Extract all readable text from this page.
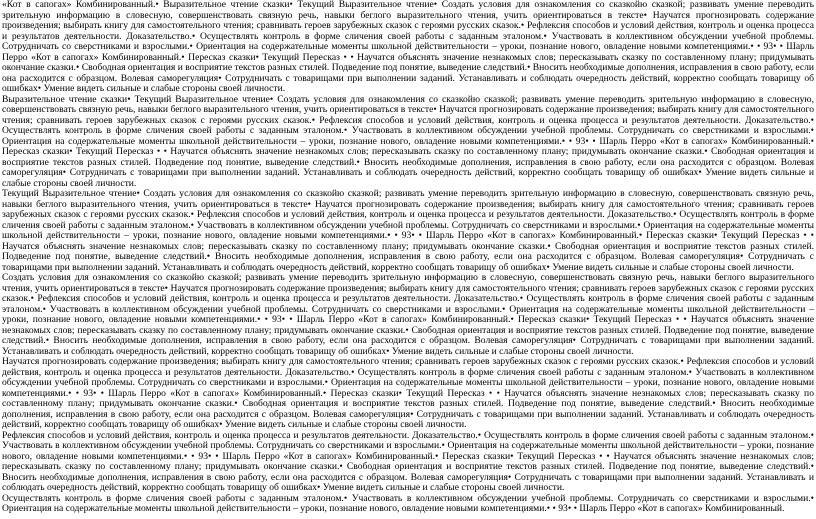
«Кот в сапогах» Комбинированный.• Выразительное чтение сказки• Текущий Выразительное чтение• Создать условия для ознакомления со сказкойю сказкой; развивать умение переводить зрительную информацию в словесную, совершенствовать связную речь, навыки беглого выразительного чтения, учить ориентироваться в тексте• Научатся прогнозировать содержание произведения; выбирать книгу для самостоятельного чтения; сравнивать героев зарубежных сказок с героями русских сказок.• Рефлексия способов и условий действия, контроль и оценка процесса и результатов деятельности. Доказательство.• Осуществлять контроль в форме сличения своей работы с заданным эталоном.• Участвовать в коллективном обсуждении учебной проблемы. Сотрудничать со сверстниками и взрослыми.• Ориентация на содержательные моменты школьной действительности – уроки, познание нового, овладение новыми компетенциями.• • 93• • Шарль Перро «Кот в сапогах» Комбинированный.• Пересказ сказки• Текущий Пересказ • • Научатся объяснять значение незнакомых слов; пересказывать сказку по составленному плану; придумывать окончание сказки.• Свободная ориентация и восприятие текстов разных стилей. Подведение под понятие, выведение следствий.• Вносить необходимые дополнения, исправления в свою работу, если она расходится с образцом. Волевая саморегуляция• Сотрудничать с товарищами при выполнении заданий. Устанавливать и соблюдать очередность действий, корректно сообщать товарищу об ошибках• Умение видеть сильные и слабые стороны своей личности.

Выразительное чтение сказки• Текущий Выразительное чтение• Создать условия для ознакомления со сказкойю сказкой; развивать умение переводить зрительную информацию в словесную, совершенствовать связную речь, навыки беглого выразительного чтения, учить ориентироваться в тексте• Научатся прогнозировать содержание произведения; выбирать книгу для самостоятельного чтения; сравнивать героев зарубежных сказок с героями русских сказок.• Рефлексия способов и условий действия, контроль и оценка процесса и результатов деятельности. Доказательство.• Осуществлять контроль в форме сличения своей работы с заданным эталоном.• Участвовать в коллективном обсуждении учебной проблемы. Сотрудничать со сверстниками и взрослыми.• Ориентация на содержательные моменты школьной действительности – уроки, познание нового, овладение новыми компетенциями.• • 93• • Шарль Перро «Кот в сапогах» Комбинированный.• Пересказ сказки• Текущий Пересказ • • Научатся объяснять значение незнакомых слов; пересказывать сказку по составленному плану; придумывать окончание сказки.• Свободная ориентация и восприятие текстов разных стилей. Подведение под понятие, выведение следствий.• Вносить необходимые дополнения, исправления в свою работу, если она расходится с образцом. Волевая саморегуляция• Сотрудничать с товарищами при выполнении заданий. Устанавливать и соблюдать очередность действий, корректно сообщать товарищу об ошибках• Умение видеть сильные и слабые стороны своей личности.

Текущий Выразительное чтение• Создать условия для ознакомления со сказкойю сказкой; развивать умение переводить зрительную информацию в словесную, совершенствовать связную речь, навыки беглого выразительного чтения, учить ориентироваться в тексте• Научатся прогнозировать содержание произведения; выбирать книгу для самостоятельного чтения; сравнивать героев зарубежных сказок с героями русских сказок.• Рефлексия способов и условий действия, контроль и оценка процесса и результатов деятельности. Доказательство.• Осуществлять контроль в форме сличения своей работы с заданным эталоном.• Участвовать в коллективном обсуждении учебной проблемы. Сотрудничать со сверстниками и взрослыми.• Ориентация на содержательные моменты школьной действительности – уроки, познание нового, овладение новыми компетенциями.• • 93• • Шарль Перро «Кот в сапогах» Комбинированный.• Пересказ сказки• Текущий Пересказ • • Научатся объяснять значение незнакомых слов; пересказывать сказку по составленному плану; придумывать окончание сказки.• Свободная ориентация и восприятие текстов разных стилей. Подведение под понятие, выведение следствий.• Вносить необходимые дополнения, исправления в свою работу, если она расходится с образцом. Волевая саморегуляция• Сотрудничать с товарищами при выполнении заданий. Устанавливать и соблюдать очередность действий, корректно сообщать товарищу об ошибках• Умение видеть сильные и слабые стороны своей личности.

Создать условия для ознакомления со сказкойю сказкой; развивать умение переводить зрительную информацию в словесную, совершенствовать связную речь, навыки беглого выразительного чтения, учить ориентироваться в тексте• Научатся прогнозировать содержание произведения; выбирать книгу для самостоятельного чтения; сравнивать героев зарубежных сказок с героями русских сказок.• Рефлексия способов и условий действия, контроль и оценка процесса и результатов деятельности. Доказательство.• Осуществлять контроль в форме сличения своей работы с заданным эталоном.• Участвовать в коллективном обсуждении учебной проблемы. Сотрудничать со сверстниками и взрослыми.• Ориентация на содержательные моменты школьной действительности – уроки, познание нового, овладение новыми компетенциями.• • 93• • Шарль Перро «Кот в сапогах» Комбинированный.• Пересказ сказки• Текущий Пересказ • • Научатся объяснять значение незнакомых слов; пересказывать сказку по составленному плану; придумывать окончание сказки.• Свободная ориентация и восприятие текстов разных стилей. Подведение под понятие, выведение следствий.• Вносить необходимые дополнения, исправления в свою работу, если она расходится с образцом. Волевая саморегуляция• Сотрудничать с товарищами при выполнении заданий. Устанавливать и соблюдать очередность действий, корректно сообщать товарищу об ошибках• Умение видеть сильные и слабые стороны своей личности.

Научатся прогнозировать содержание произведения; выбирать книгу для самостоятельного чтения; сравнивать героев зарубежных сказок с героями русских сказок.• Рефлексия способов и условий действия, контроль и оценка процесса и результатов деятельности. Доказательство.• Осуществлять контроль в форме сличения своей работы с заданным эталоном.• Участвовать в коллективном обсуждении учебной проблемы. Сотрудничать со сверстниками и взрослыми.• Ориентация на содержательные моменты школьной действительности – уроки, познание нового, овладение новыми компетенциями.• • 93• • Шарль Перро «Кот в сапогах» Комбинированный.• Пересказ сказки• Текущий Пересказ • • Научатся объяснять значение незнакомых слов; пересказывать сказку по составленному плану; придумывать окончание сказки.• Свободная ориентация и восприятие текстов разных стилей. Подведение под понятие, выведение следствий.• Вносить необходимые дополнения, исправления в свою работу, если она расходится с образцом. Волевая саморегуляция• Сотрудничать с товарищами при выполнении заданий. Устанавливать и соблюдать очередность действий, корректно сообщать товарищу об ошибках• Умение видеть сильные и слабые стороны своей личности.

Рефлексия способов и условий действия, контроль и оценка процесса и результатов деятельности. Доказательство.• Осуществлять контроль в форме сличения своей работы с заданным эталоном.• Участвовать в коллективном обсуждении учебной проблемы. Сотрудничать со сверстниками и взрослыми.• Ориентация на содержательные моменты школьной действительности – уроки, познание нового, овладение новыми компетенциями.• • 93• • Шарль Перро «Кот в сапогах» Комбинированный.• Пересказ сказки• Текущий Пересказ • • Научатся объяснять значение незнакомых слов; пересказывать сказку по составленному плану; придумывать окончание сказки.• Свободная ориентация и восприятие текстов разных стилей. Подведение под понятие, выведение следствий.• Вносить необходимые дополнения, исправления в свою работу, если она расходится с образцом. Волевая саморегуляция• Сотрудничать с товарищами при выполнении заданий. Устанавливать и соблюдать очередность действий, корректно сообщать товарищу об ошибках• Умение видеть сильные и слабые стороны своей личности.

Осуществлять контроль в форме сличения своей работы с заданным эталоном.• Участвовать в коллективном обсуждении учебной проблемы. Сотрудничать со сверстниками и взрослыми.• Ориентация на содержательные моменты школьной действительности – уроки, познание нового, овладение новыми компетенциями.• • 93• • Шарль Перро «Кот в сапогах» Комбинированный.
